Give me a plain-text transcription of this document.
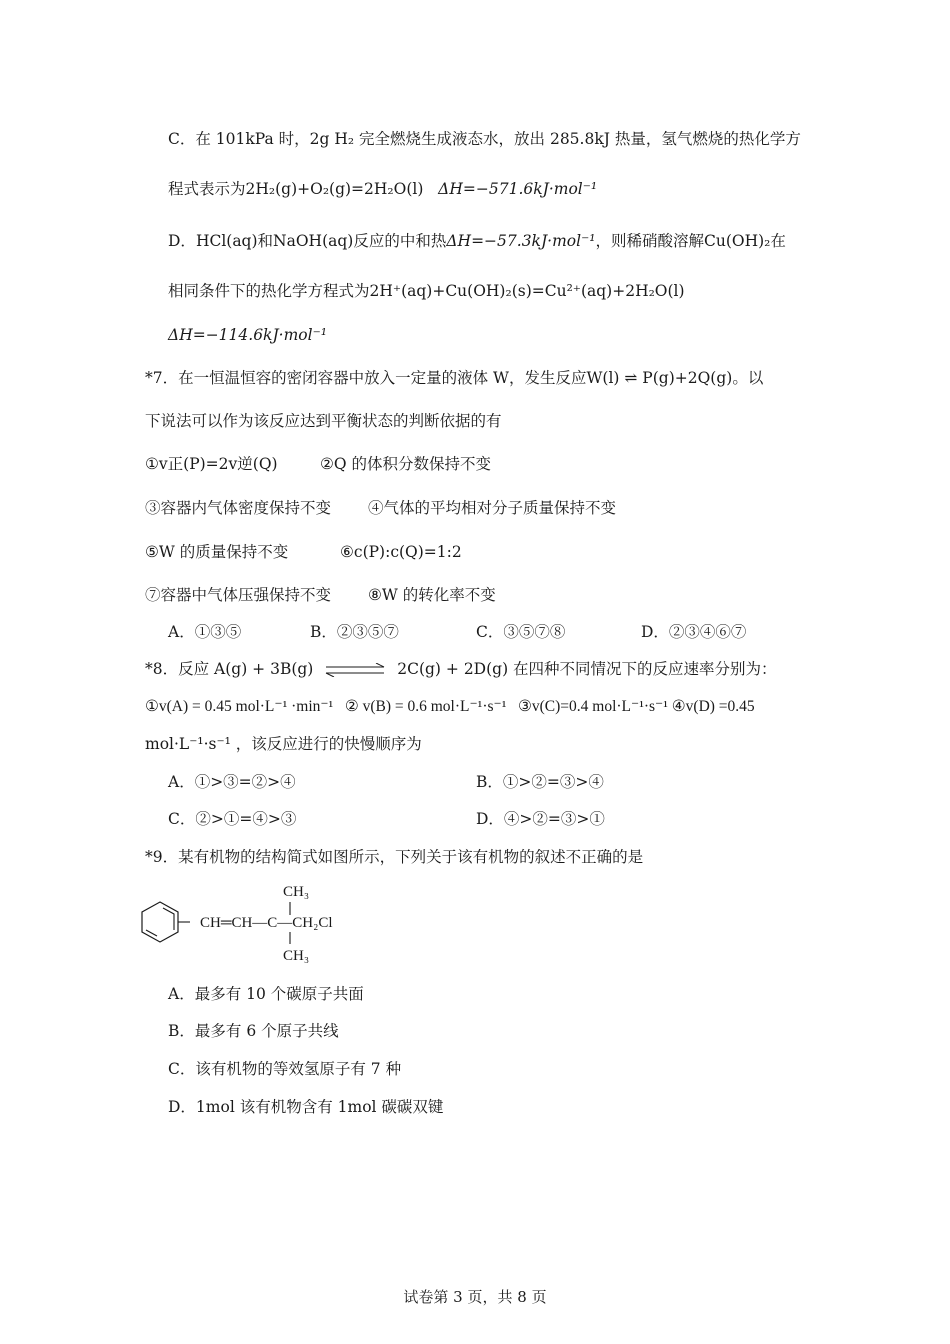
C．在 101kPa 时，2g H₂ 完全燃烧生成液态水，放出 285.8kJ 热量，氢气燃烧的热化学方
程式表示为2H₂(g)+O₂(g)=2H₂O(l) ΔH=−571.6kJ·mol⁻¹
D．HCl(aq)和NaOH(aq)反应的中和热ΔH=−57.3kJ·mol⁻¹，则稀硝酸溶解Cu(OH)₂在
相同条件下的热化学方程式为2H⁺(aq)+Cu(OH)₂(s)=Cu²⁺(aq)+2H₂O(l)
ΔH=−114.6kJ·mol⁻¹
*7．在一恒温恒容的密闭容器中放入一定量的液体 W，发生反应W(l) ⇌ P(g)+2Q(g)。以
下说法可以作为该反应达到平衡状态的判断依据的有
①v正(P)=2v逆(Q)	②Q 的体积分数保持不变
③容器内气体密度保持不变 ④气体的平均相对分子质量保持不变
⑤W 的质量保持不变	⑥c(P):c(Q)=1:2
⑦容器中气体压强保持不变 ⑧W 的转化率不变
A．①③⑤	B．②③⑤⑦	C．③⑤⑦⑧	D．②③④⑥⑦
*8．反应 A(g) + 3B(g)	2C(g) + 2D(g) 在四种不同情况下的反应速率分别为：
①v(A) = 0.45 mol·L⁻¹ ·min⁻¹ ② v(B) = 0.6 mol·L⁻¹·s⁻¹ ③v(C)=0.4 mol·L⁻¹·s⁻¹ ④v(D) =0.45
mol·L⁻¹·s⁻¹ ，该反应进行的快慢顺序为
A．①>③=②>④	B．①>②=③>④
C．②>①=④>③	D．④>②=③>①
*9．某有机物的结构简式如图所示，下列关于该有机物的叙述不正确的是
CH₃
CH═CH—C—CH₂Cl
CH₃
A．最多有 10 个碳原子共面
B．最多有 6 个原子共线
C．该有机物的等效氢原子有 7 种
D．1mol 该有机物含有 1mol 碳碳双键
试卷第 3 页，共 8 页
